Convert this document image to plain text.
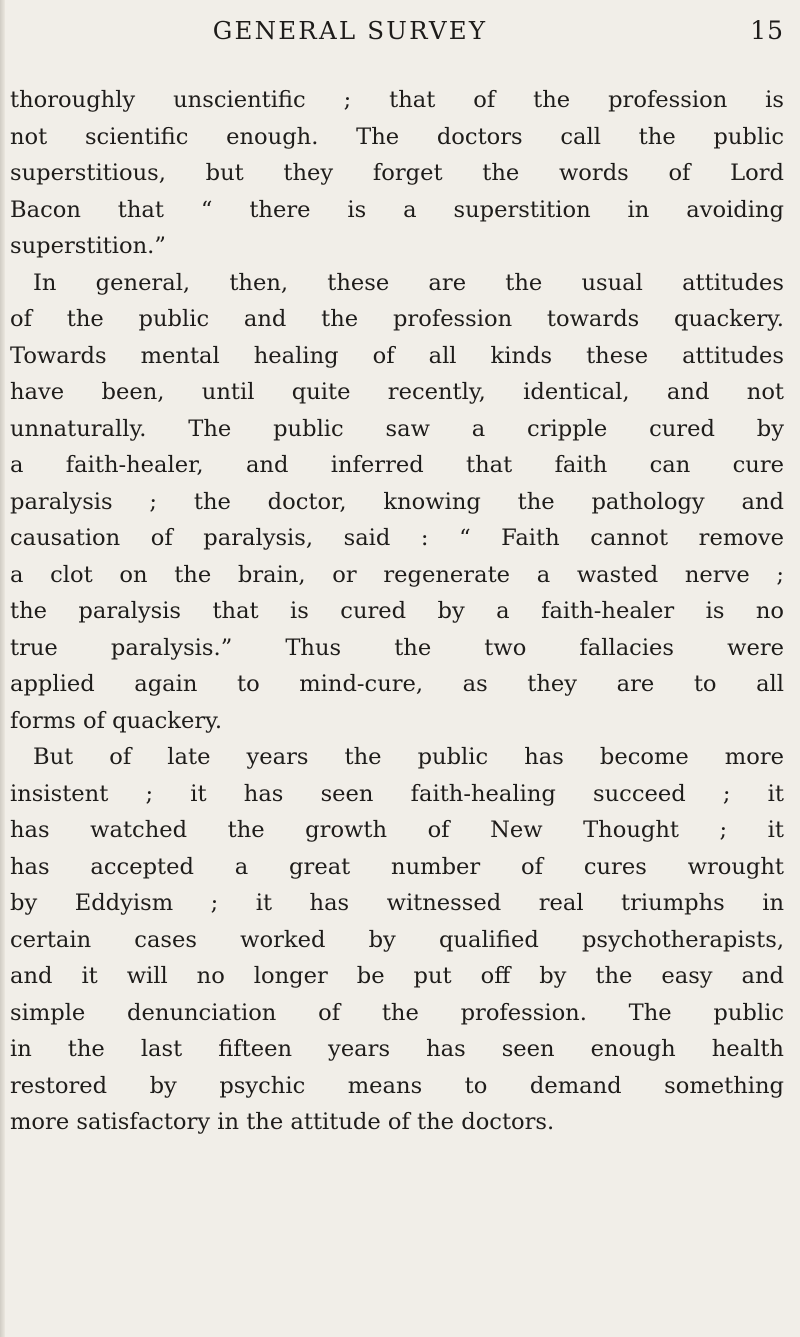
GENERAL SURVEY	15
thoroughly unscientific ; that of the profession is
not scientific enough. The doctors call the public
superstitious, but they forget the words of Lord
Bacon that “ there is a superstition in avoiding
superstition.”
In general, then, these are the usual attitudes
of the public and the profession towards quackery.
Towards mental healing of all kinds these attitudes
have been, until quite recently, identical, and not
unnaturally. The public saw a cripple cured by
a faith-healer, and inferred that faith can cure
paralysis ; the doctor, knowing the pathology and
causation of paralysis, said : “ Faith cannot remove
a clot on the brain, or regenerate a wasted nerve ;
the paralysis that is cured by a faith-healer is no
true paralysis.” Thus the two fallacies were
applied again to mind-cure, as they are to all
forms of quackery.
But of late years the public has become more
insistent ; it has seen faith-healing succeed ; it
has watched the growth of New Thought ; it
has accepted a great number of cures wrought
by Eddyism ; it has witnessed real triumphs in
certain cases worked by qualified psychotherapists,
and it will no longer be put off by the easy and
simple denunciation of the profession. The public
in the last fifteen years has seen enough health
restored by psychic means to demand something
more satisfactory in the attitude of the doctors.
